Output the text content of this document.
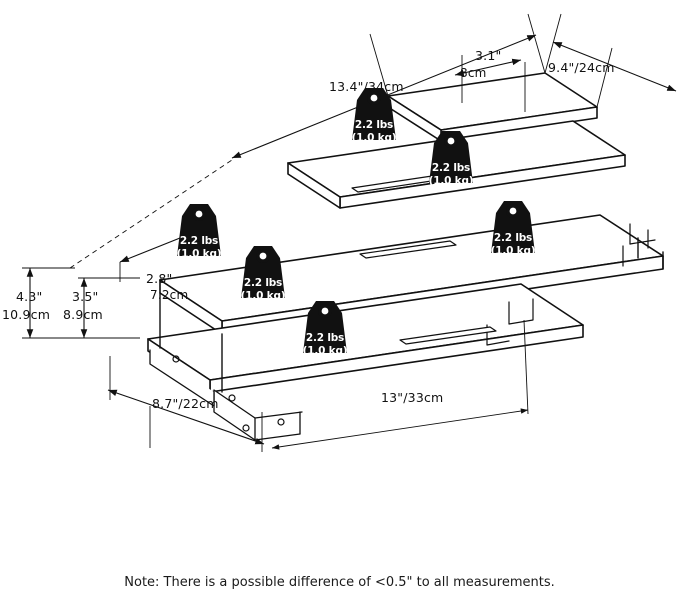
2.2 lbs
(1.0 kg)
2.2 lbs
(1.0 kg)
2.2 lbs
(1.0 kg)
2.2 lbs
(1.0 kg)
2.2 lbs
(1.0 kg)
2.2 lbs
(1.0 kg)
9.4"/24cm
3.1"
8cm
13.4"/34cm
2.8"
7.2cm
4.3"
10.9cm
3.5"
8.9cm
8.7"/22cm	13"/33cm
Note: There is a possible difference of <0.5" to all measurements.
